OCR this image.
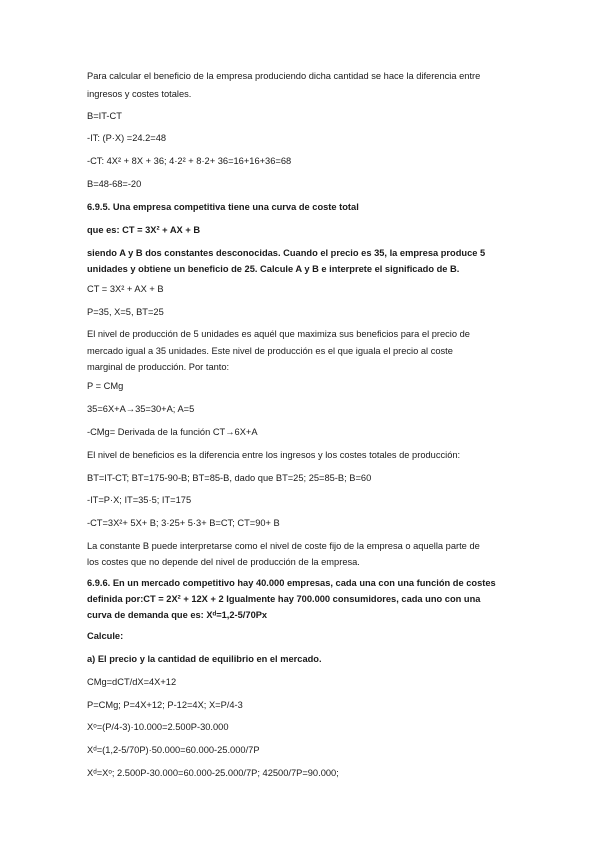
Para calcular el beneficio de la empresa produciendo dicha cantidad se hace la diferencia entre

ingresos y costes totales.

B=IT-CT

-IT: (P·X) =24.2=48

-CT: 4X² + 8X + 36; 4·2² + 8·2+ 36=16+16+36=68

B=48-68=-20

6.9.5. Una empresa competitiva tiene una curva de coste total

que es: CT = 3X² + AX + B

siendo A y B dos constantes desconocidas. Cuando el precio es 35, la empresa produce 5

unidades y obtiene un beneficio de 25. Calcule A y B e interprete el significado de B.

CT = 3X² + AX + B

P=35, X=5, BT=25

El nivel de producción de 5 unidades es aquél que maximiza sus beneficios para el precio de

mercado igual a 35 unidades. Este nivel de producción es el que iguala el precio al coste

marginal de producción. Por tanto:

P = CMg

35=6X+A→35=30+A; A=5

-CMg= Derivada de la función CT→6X+A

El nivel de beneficios es la diferencia entre los ingresos y los costes totales de producción:

BT=IT-CT; BT=175-90-B; BT=85-B, dado que BT=25; 25=85-B; B=60

-IT=P·X; IT=35·5; IT=175

-CT=3X²+ 5X+ B; 3·25+ 5·3+ B=CT; CT=90+ B

La constante B puede interpretarse como el nivel de coste fijo de la empresa o aquella parte de

los costes que no depende del nivel de producción de la empresa.

6.9.6. En un mercado competitivo hay 40.000 empresas, cada una con una función de costes

definida por:CT = 2X² + 12X + 2 Igualmente hay 700.000 consumidores, cada uno con una

curva de demanda que es: Xᵈ=1,2-5/70Px

Calcule:

a) El precio y la cantidad de equilibrio en el mercado.

CMg=dCT/dX=4X+12

P=CMg; P=4X+12; P-12=4X; X=P/4-3

Xᵒ=(P/4-3)·10.000=2.500P-30.000

Xᵈ=(1,2-5/70P)·50.000=60.000-25.000/7P

Xᵈ=Xᵒ; 2.500P-30.000=60.000-25.000/7P; 42500/7P=90.000;
